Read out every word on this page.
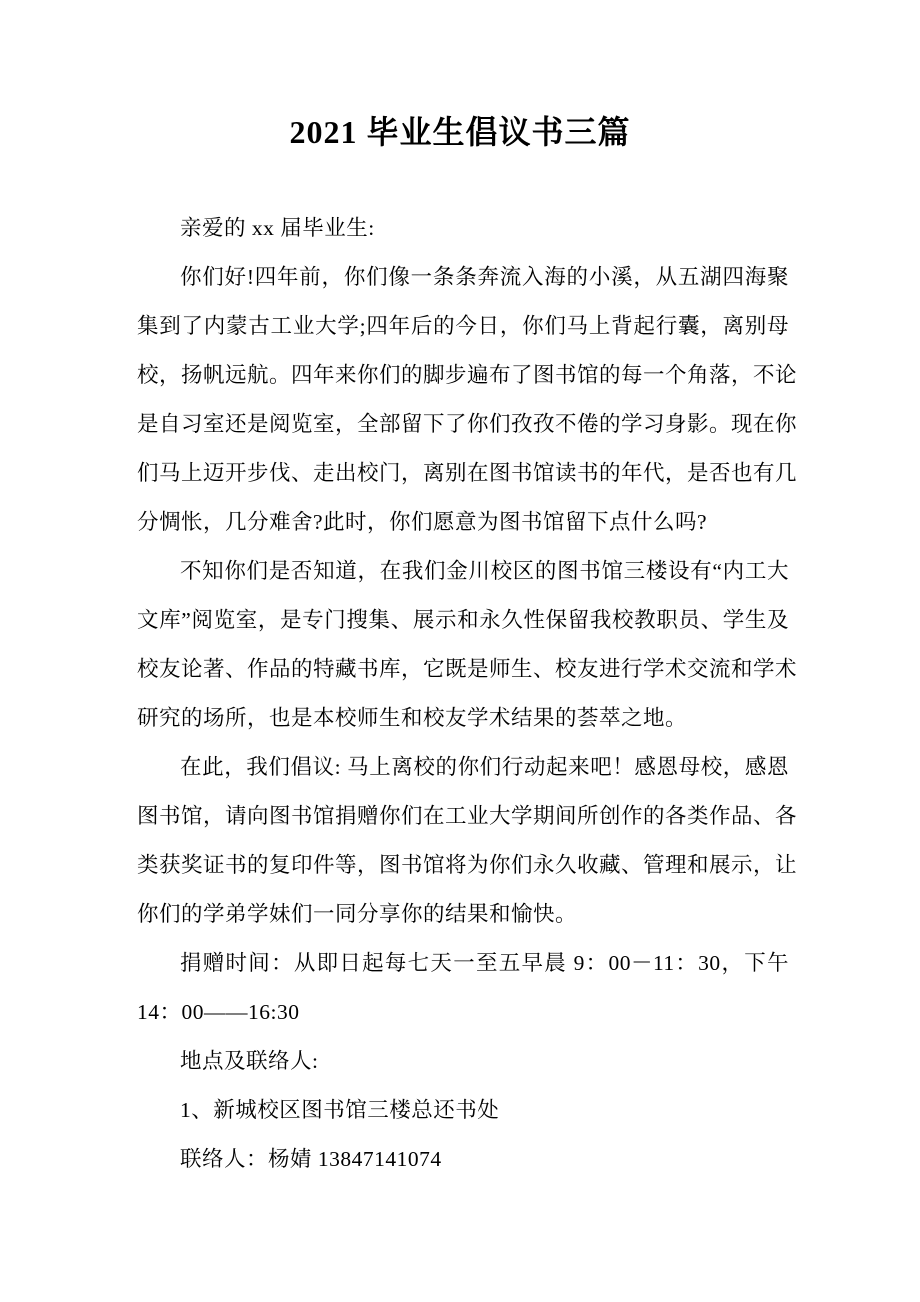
2021 毕业生倡议书三篇
亲爱的 xx 届毕业生:
你们好!四年前，你们像一条条奔流入海的小溪，从五湖四海聚
集到了内蒙古工业大学;四年后的今日，你们马上背起行囊，离别母
校，扬帆远航。四年来你们的脚步遍布了图书馆的每一个角落，不论
是自习室还是阅览室，全部留下了你们孜孜不倦的学习身影。现在你
们马上迈开步伐、走出校门，离别在图书馆读书的年代，是否也有几
分惆怅，几分难舍?此时，你们愿意为图书馆留下点什么吗?
不知你们是否知道，在我们金川校区的图书馆三楼设有“内工大
文库”阅览室，是专门搜集、展示和永久性保留我校教职员、学生及
校友论著、作品的特藏书库，它既是师生、校友进行学术交流和学术
研究的场所，也是本校师生和校友学术结果的荟萃之地。
在此，我们倡议: 马上离校的你们行动起来吧！感恩母校，感恩
图书馆，请向图书馆捐赠你们在工业大学期间所创作的各类作品、各
类获奖证书的复印件等，图书馆将为你们永久收藏、管理和展示，让
你们的学弟学妹们一同分享你的结果和愉快。
捐赠时间：从即日起每七天一至五早晨 9：00－11：30，下午
14：00——16:30
地点及联络人:
1、新城校区图书馆三楼总还书处
联络人：杨婧 13847141074
